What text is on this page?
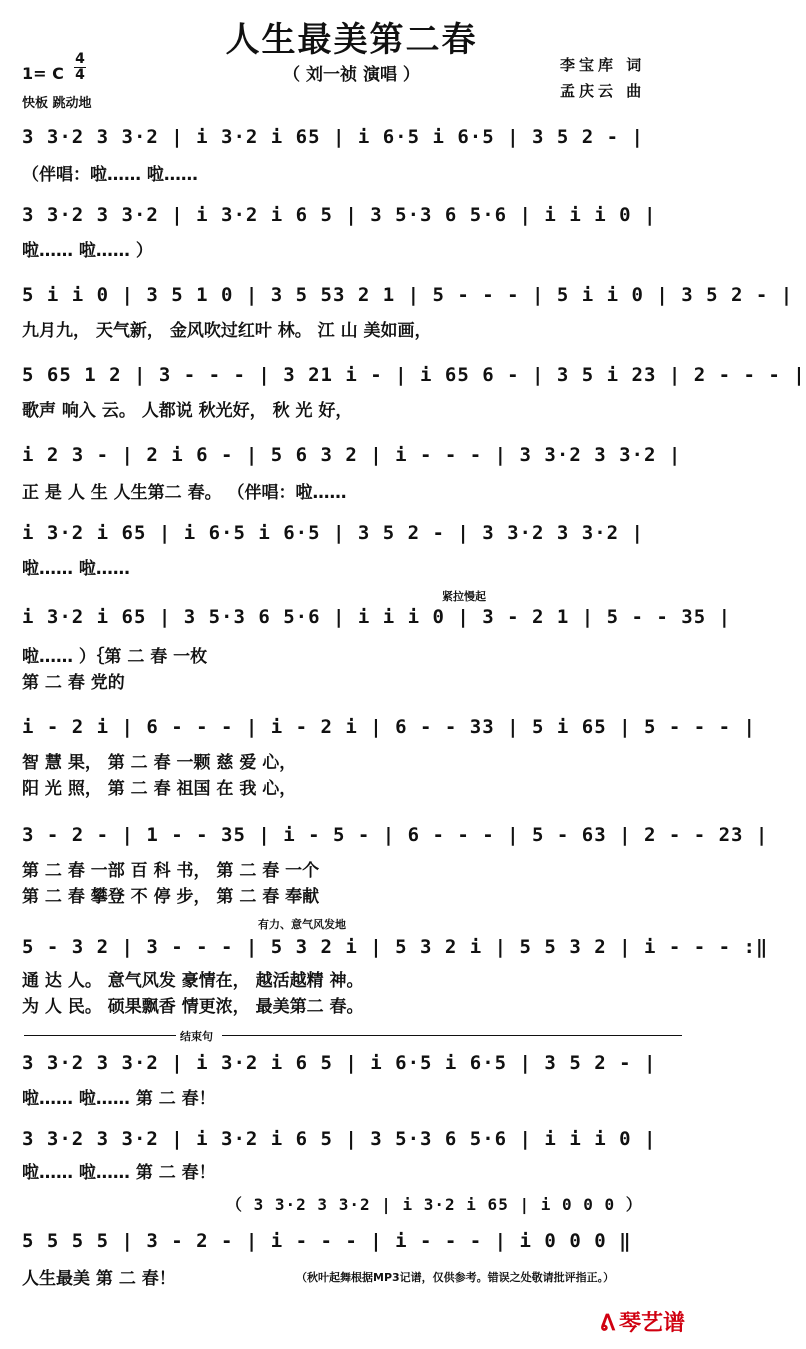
人生最美第二春
（ 刘一祯 演唱 ）
1= C
4
4
快板 跳动地
李宝库 词
孟庆云 曲
3 3·2 3 3·2 | i 3·2 i 65 | i 6·5 i 6·5 | 3 5 2 - |
（伴唱：啦…… 啦……
3 3·2 3 3·2 | i 3·2 i 6 5 | 3 5·3 6 5·6 | i i i 0 |
啦…… 啦…… ）
5 i i 0 | 3 5 1 0 | 3 5 53 2 1 | 5 - - - | 5 i i 0 | 3 5 2 - |
九月九， 天气新， 金风吹过红叶 林。 江 山 美如画，
5 65 1 2 | 3 - - - | 3 21 i - | i 65 6 - | 3 5 i 23 | 2 - - - |
歌声 响入 云。 人都说 秋光好， 秋 光 好，
i 2 3 - | 2 i 6 - | 5 6 3 2 | i - - - | 3 3·2 3 3·2 |
正 是 人 生 人生第二 春。 （伴唱：啦……
i 3·2 i 65 | i 6·5 i 6·5 | 3 5 2 - | 3 3·2 3 3·2 |
啦…… 啦……
紧拉慢起
i 3·2 i 65 | 3 5·3 6 5·6 | i i i 0 | 3 - 2 1 | 5 - - 35 |
啦…… ）｛第 二 春 一枚
第 二 春 党的
i - 2 i | 6 - - - | i - 2 i | 6 - - 33 | 5 i 65 | 5 - - - |
智 慧 果， 第 二 春 一颗 慈 爱 心，
阳 光 照， 第 二 春 祖国 在 我 心，
3 - 2 - | 1 - - 35 | i - 5 - | 6 - - - | 5 - 63 | 2 - - 23 |
第 二 春 一部 百 科 书， 第 二 春 一个
第 二 春 攀登 不 停 步， 第 二 春 奉献
有力、意气风发地
5 - 3 2 | 3 - - - | 5 3 2 i | 5 3 2 i | 5 5 3 2 | i - - - :‖
通 达 人。 意气风发 豪情在， 越活越精 神。
为 人 民。 硕果飘香 情更浓， 最美第二 春。
结束句
3 3·2 3 3·2 | i 3·2 i 6 5 | i 6·5 i 6·5 | 3 5 2 - |
啦…… 啦…… 第 二 春！
3 3·2 3 3·2 | i 3·2 i 6 5 | 3 5·3 6 5·6 | i i i 0 |
啦…… 啦…… 第 二 春！
（ 3 3·2 3 3·2 | i 3·2 i 65 | i 0 0 0 ）
5 5 5 5 | 3 - 2 - | i - - - | i - - - | i 0 0 0 ‖
人生最美 第 二 春！	（秋叶起舞根据MP3记谱，仅供参考。错误之处敬请批评指正。）
ᕕ 琴艺谱
